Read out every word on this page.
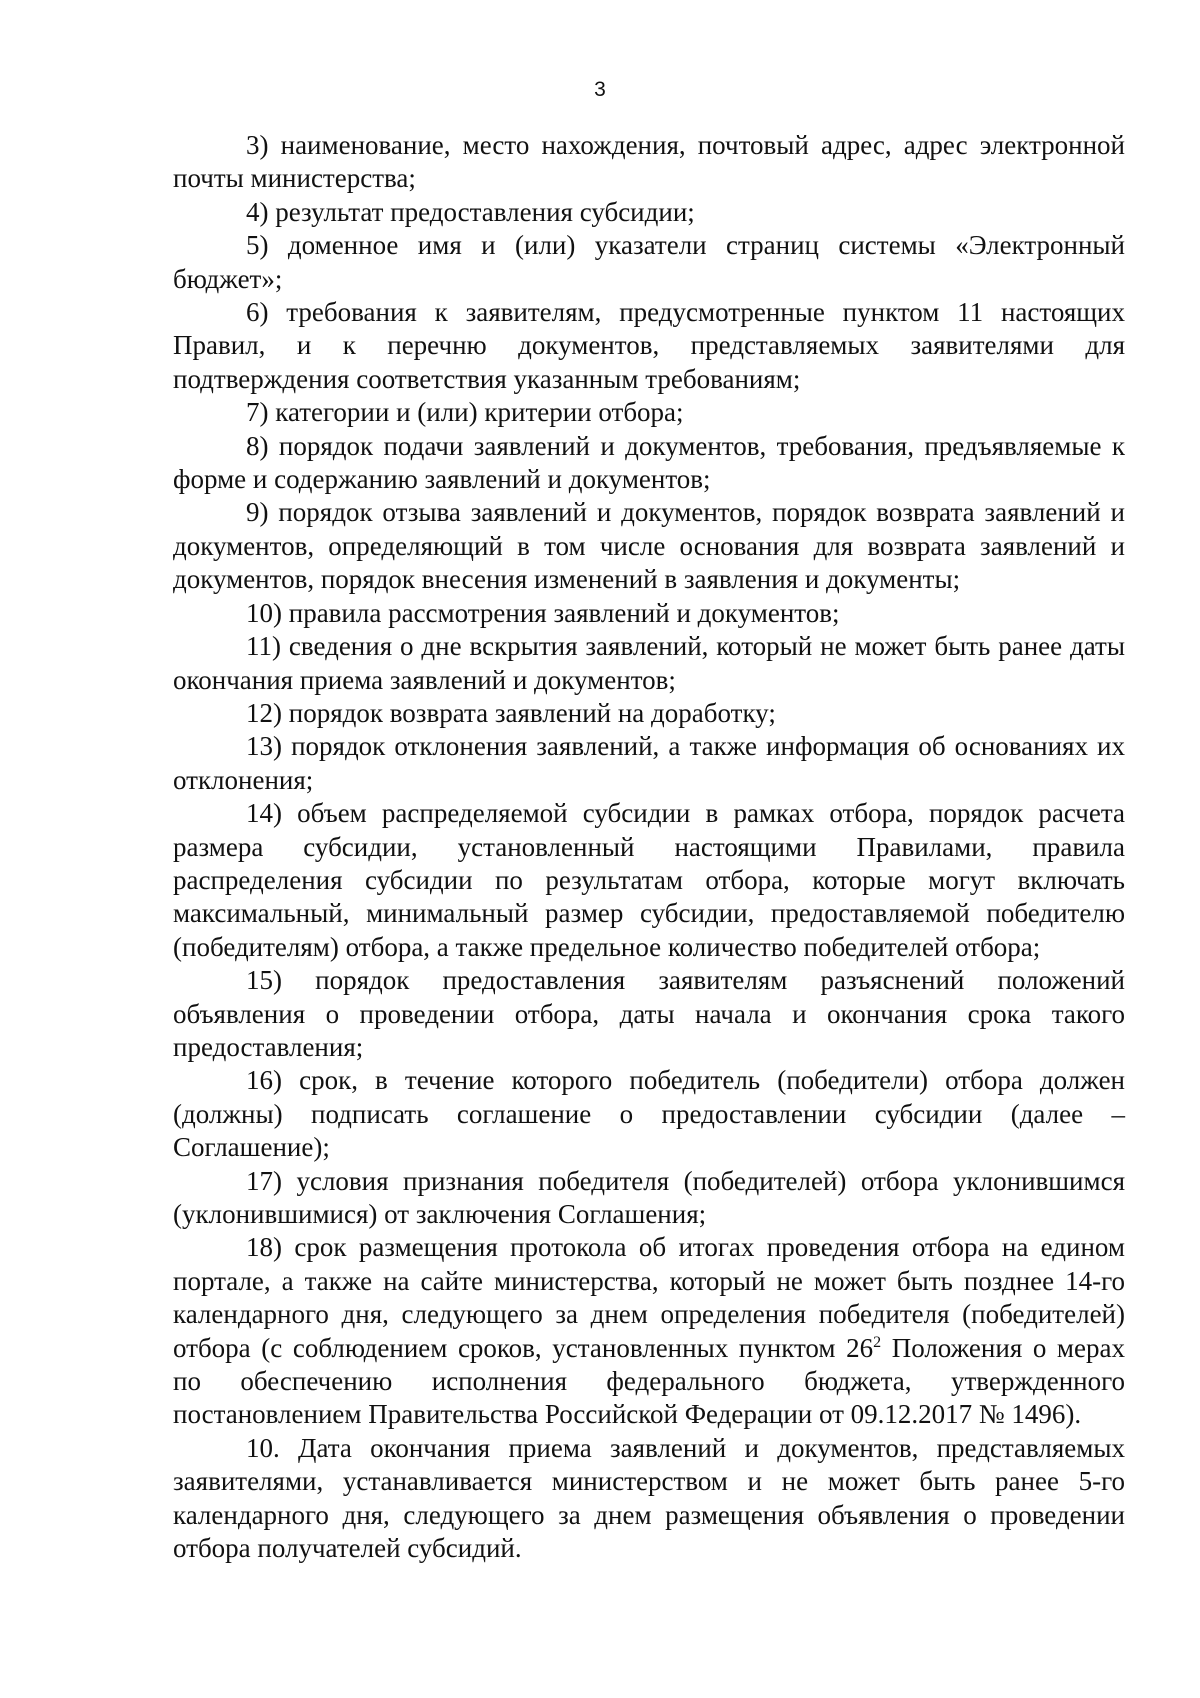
3

3) наименование, место нахождения, почтовый адрес, адрес электронной почты министерства;

4) результат предоставления субсидии;

5) доменное имя и (или) указатели страниц системы «Электронный бюджет»;

6) требования к заявителям, предусмотренные пунктом 11 настоящих Правил, и к перечню документов, представляемых заявителями для подтверждения соответствия указанным требованиям;

7) категории и (или) критерии отбора;

8) порядок подачи заявлений и документов, требования, предъявляемые к форме и содержанию заявлений и документов;

9) порядок отзыва заявлений и документов, порядок возврата заявлений и документов, определяющий в том числе основания для возврата заявлений и документов, порядок внесения изменений в заявления и документы;

10) правила рассмотрения заявлений и документов;

11) сведения о дне вскрытия заявлений, который не может быть ранее даты окончания приема заявлений и документов;

12) порядок возврата заявлений на доработку;

13) порядок отклонения заявлений, а также информация об основаниях их отклонения;

14) объем распределяемой субсидии в рамках отбора, порядок расчета размера субсидии, установленный настоящими Правилами, правила распределения субсидии по результатам отбора, которые могут включать максимальный, минимальный размер субсидии, предоставляемой победителю (победителям) отбора, а также предельное количество победителей отбора;

15) порядок предоставления заявителям разъяснений положений объявления о проведении отбора, даты начала и окончания срока такого предоставления;

16) срок, в течение которого победитель (победители) отбора должен (должны) подписать соглашение о предоставлении субсидии (далее – Соглашение);

17) условия признания победителя (победителей) отбора уклонившимся (уклонившимися) от заключения Соглашения;

18) срок размещения протокола об итогах проведения отбора на едином портале, а также на сайте министерства, который не может быть позднее 14-го календарного дня, следующего за днем определения победителя (победителей) отбора (с соблюдением сроков, установленных пунктом $26^2$ Положения о мерах по обеспечению исполнения федерального бюджета, утвержденного постановлением Правительства Российской Федерации от 09.12.2017 № 1496).

10. Дата окончания приема заявлений и документов, представляемых заявителями, устанавливается министерством и не может быть ранее 5-го календарного дня, следующего за днем размещения объявления о проведении отбора получателей субсидий.
